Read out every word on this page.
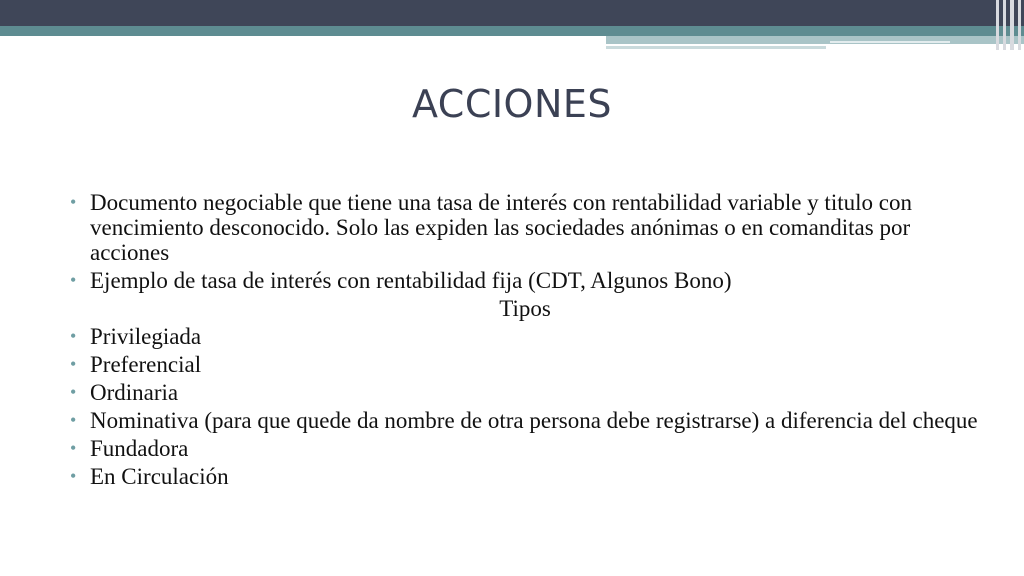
ACCIONES
• Documento negociable que tiene una tasa de interés con rentabilidad variable y titulo con vencimiento desconocido. Solo las expiden las sociedades anónimas o en comanditas por acciones
• Ejemplo de tasa de interés con rentabilidad fija (CDT, Algunos Bono)
Tipos
• Privilegiada
• Preferencial
• Ordinaria
• Nominativa (para que quede da nombre de otra persona debe registrarse) a diferencia del cheque
• Fundadora
• En Circulación
